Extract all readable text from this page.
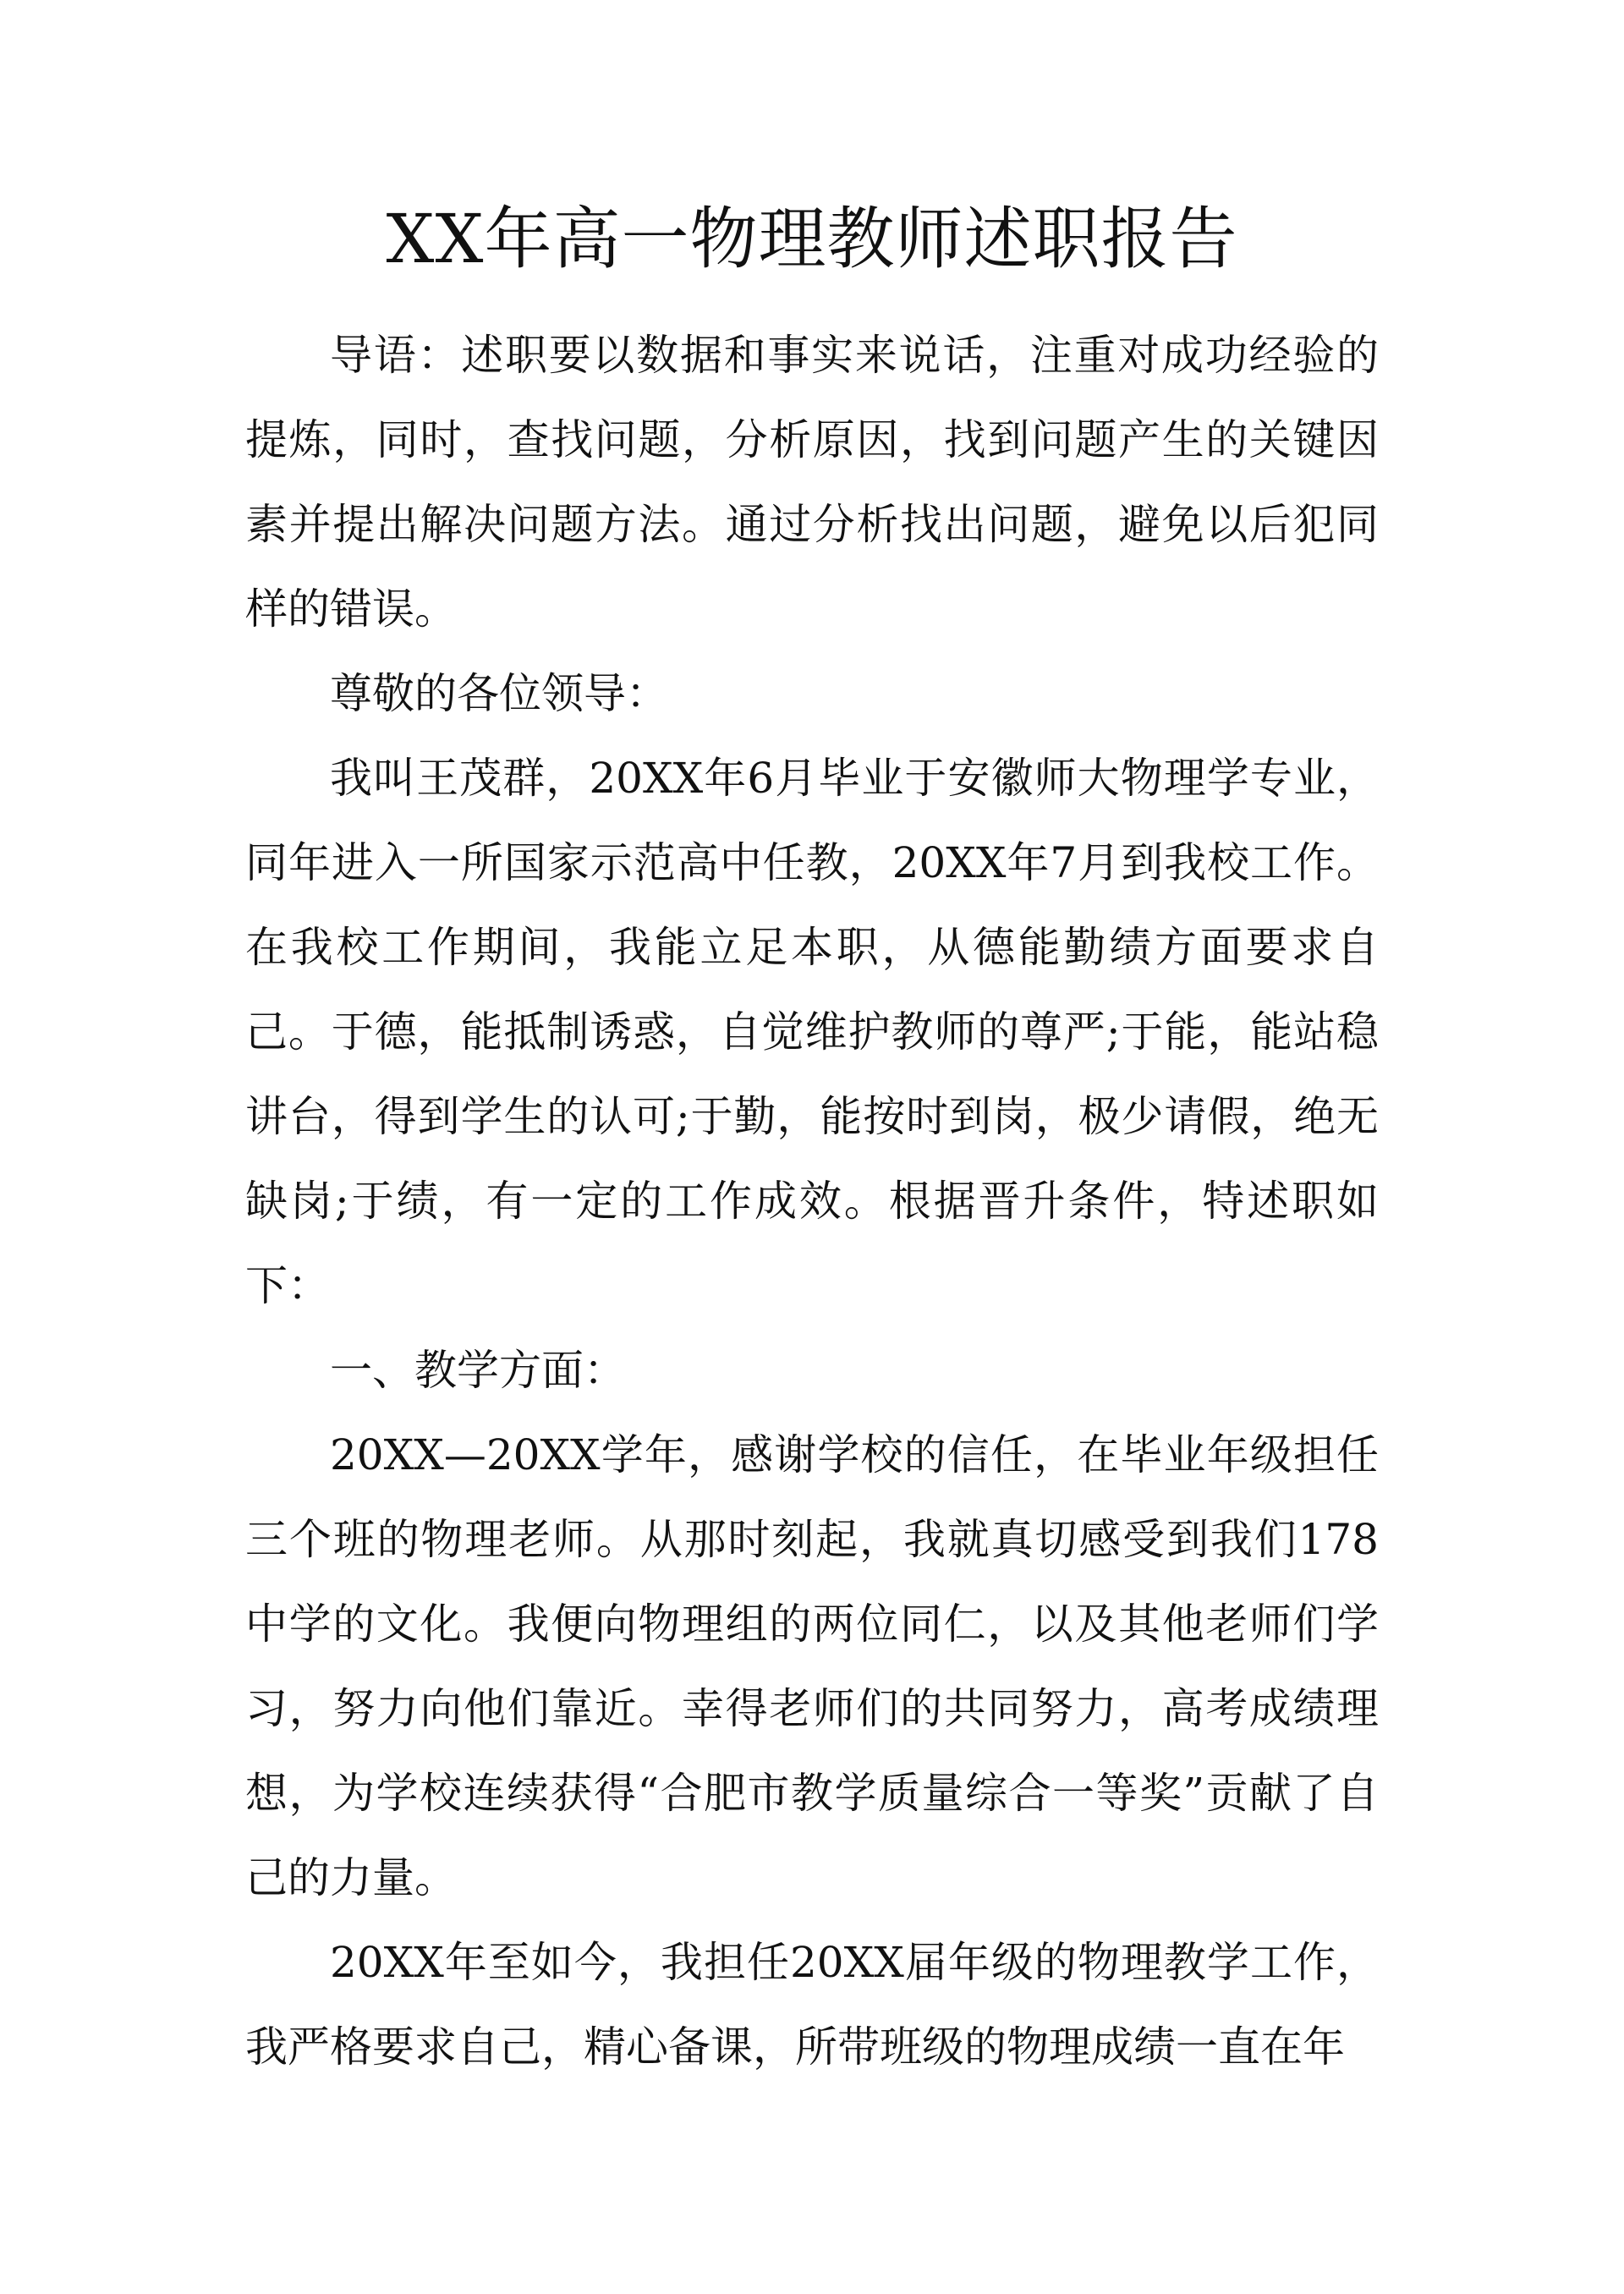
XX年高一物理教师述职报告

导语：述职要以数据和事实来说话，注重对成功经验的提炼，同时，查找问题，分析原因，找到问题产生的关键因素并提出解决问题方法。通过分析找出问题，避免以后犯同样的错误。

尊敬的各位领导：

我叫王茂群，20XX年6月毕业于安徽师大物理学专业，同年进入一所国家示范高中任教，20XX年7月到我校工作。在我校工作期间，我能立足本职，从德能勤绩方面要求自己。于德，能抵制诱惑，自觉维护教师的尊严;于能，能站稳讲台，得到学生的认可;于勤，能按时到岗，极少请假，绝无缺岗;于绩，有一定的工作成效。根据晋升条件，特述职如下：

一、教学方面：

20XX—20XX学年，感谢学校的信任，在毕业年级担任三个班的物理老师。从那时刻起，我就真切感受到我们178中学的文化。我便向物理组的两位同仁，以及其他老师们学习，努力向他们靠近。幸得老师们的共同努力，高考成绩理想，为学校连续获得“合肥市教学质量综合一等奖”贡献了自己的力量。

20XX年至如今，我担任20XX届年级的物理教学工作，我严格要求自己，精心备课，所带班级的物理成绩一直在年
